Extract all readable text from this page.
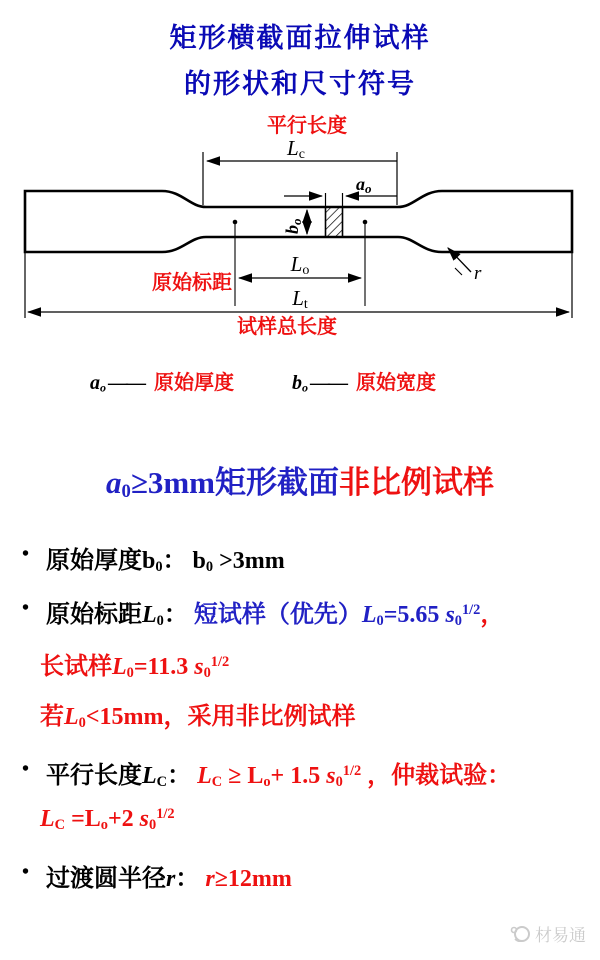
矩形横截面拉伸试样
的形状和尺寸符号
ao
Lc
平行长度
bo
Lo
原始标距
Lt
试样总长度
r
$a_o$ —— 原始厚度	$b_o$ —— 原始宽度
$a_0\ge 3mm$矩形截面非比例试样
• 原始厚度$b_0$： $b_0 >3mm$
• 原始标距$L_0$： 短试样（优先）$L_0=5.65$ $s_0^{1/2}$，
长试样$L_0=11.3$ $s_0^{1/2}$
若$L_0<15mm$，采用非比例试样
• 平行长度$L_C$： $L_C \ge L_o+ 1.5$ $s_0^{1/2}$ ，仲裁试验：
$L_C =L_o+2$ $s_0^{1/2}$
• 过渡圆半径r： r≥12mm
材易通
